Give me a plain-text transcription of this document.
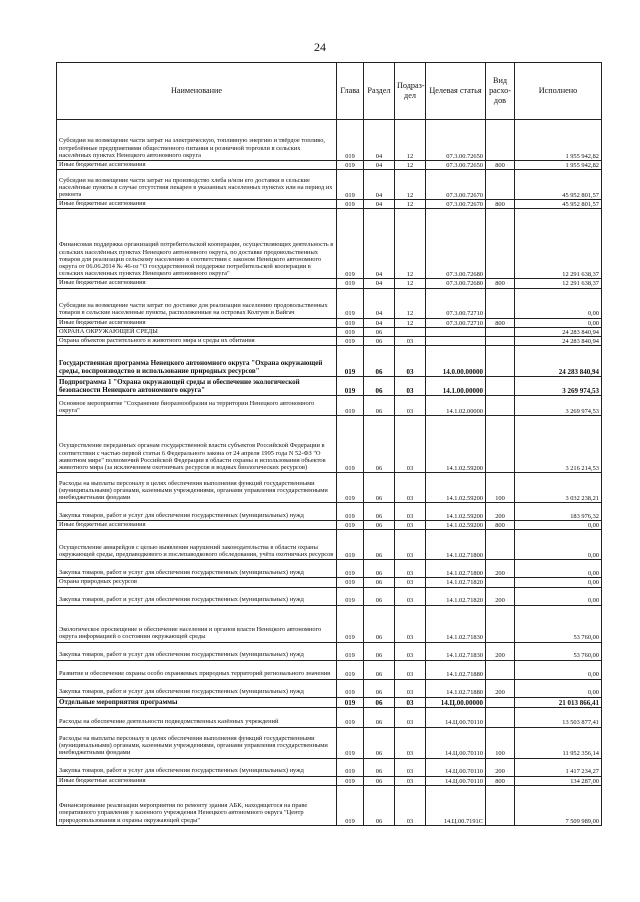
24
Наименование	Глава	Раздел	Подраз-дел	Целевая статья	Вид расхо-дов	Исполнено

Субсидии на возмещение части затрат на электрическую, топливную энергию и твёрдое топливо, потреблённые предприятиями общественного питания и розничной торговли в сельских населённых пунктах Ненецкого автономного округа	019	04	12	07.3.00.72650		1 955 942,82

Иные бюджетные ассигнования	019	04	12	07.3.00.72650	800	1 955 942,82

Субсидии на возмещение части затрат на производство хлеба и/или его доставки в сельские населённые пункты в случае отсутствия пекарен в указанных населенных пунктах или на период их ремонта	019	04	12	07.3.00.72670		45 952 801,57

Иные бюджетные ассигнования	019	04	12	07.3.00.72670	800	45 952 801,57

Финансовая поддержка организаций потребительской кооперации, осуществляющих деятельность в сельских населённых пунктах Ненецкого автономного округа, по доставке продовольственных товаров для реализации сельскому населению в соответствии с законом Ненецкого автономного округа от 06.06.2014 № 46-оз "О государственной поддержке потребительской кооперации в сельских населенных пунктах Ненецкого автономного округа"	019	04	12	07.3.00.72680		12 291 638,37

Иные бюджетные ассигнования	019	04	12	07.3.00.72680	800	12 291 638,37

Субсидии на возмещение части затрат по доставке для реализации населению продовольственных товаров в сельские населенные пункты, расположенные на островах Колгуев и Вайгач	019	04	12	07.3.00.72710		0,00

Иные бюджетные ассигнования	019	04	12	07.3.00.72710	800	0,00

ОХРАНА ОКРУЖАЮЩЕЙ СРЕДЫ	019	06				24 283 840,94

Охрана объектов растительного и животного мира и среды их обитания	019	06	03			24 283 840,94

Государственная программа Ненецкого автономного округа "Охрана окружающей среды, воспроизводство и использование природных ресурсов"	019	06	03	14.0.00.00000		24 283 840,94

Подпрограмма 1 "Охрана окружающей среды и обеспечение экологической безопасности Ненецкого автономного округа"	019	06	03	14.1.00.00000		3 269 974,53

Основное мероприятие "Сохранение биоразнообразия на территории Ненецкого автономного округа"	019	06	03	14.1.02.00000		3 269 974,53

Осуществление переданных органам государственной власти субъектов Российской Федерации в соответствии с частью первой статьи 6 Федерального закона от 24 апреля 1995 года N 52-ФЗ "О животном мире" полномочий Российской Федерации в области охраны и использования объектов животного мира (за исключением охотничьих ресурсов и водных биологических ресурсов)	019	06	03	14.1.02.59200		3 216 214,53

Расходы на выплаты персоналу в целях обеспечения выполнения функций государственными (муниципальными) органами, казенными учреждениями, органами управления государственными внебюджетными фондами	019	06	03	14.1.02.59200	100	3 032 238,21

Закупка товаров, работ и услуг для обеспечения государственных (муниципальных) нужд	019	06	03	14.1.02.59200	200	183 976,32

Иные бюджетные ассигнования	019	06	03	14.1.02.59200	800	0,00

Осуществление авиарейдов с целью выявления нарушений законодательства в области охраны окружающей среды, предпаводкового и послепаводкового обследования, учёта охотничьих ресурсов	019	06	03	14.1.02.71800		0,00

Закупка товаров, работ и услуг для обеспечения государственных (муниципальных) нужд	019	06	03	14.1.02.71800	200	0,00

Охрана природных ресурсов	019	06	03	14.1.02.71820		0,00

Закупка товаров, работ и услуг для обеспечения государственных (муниципальных) нужд	019	06	03	14.1.02.71820	200	0,00

Экологическое просвещение и обеспечение населения и органов власти Ненецкого автономного округа информацией о состоянии окружающей среды	019	06	03	14.1.02.71830		53 760,00

Закупка товаров, работ и услуг для обеспечения государственных (муниципальных) нужд	019	06	03	14.1.02.71830	200	53 760,00

Развитие и обеспечение охраны особо охраняемых природных территорий регионального значения	019	06	03	14.1.02.71880		0,00

Закупка товаров, работ и услуг для обеспечения государственных (муниципальных) нужд	019	06	03	14.1.02.71880	200	0,00

Отдельные мероприятия программы	019	06	03	14.Ц.00.00000		21 013 866,41

Расходы на обеспечение деятельности подведомственных казённых учреждений	019	06	03	14.Ц.00.70110		13 503 877,41

Расходы на выплаты персоналу в целях обеспечения выполнения функций государственными (муниципальными) органами, казенными учреждениями, органами управления государственными внебюджетными фондами	019	06	03	14.Ц.00.70110	100	11 952 356,14

Закупка товаров, работ и услуг для обеспечения государственных (муниципальных) нужд	019	06	03	14.Ц.00.70110	200	1 417 234,27

Иные бюджетные ассигнования	019	06	03	14.Ц.00.70110	800	134 287,00

Финансирование реализации мероприятия по ремонту здания АБК, находящегося на праве оперативного управления у казенного учреждения Ненецкого автономного округа "Центр природопользования и охраны окружающей среды"	019	06	03	14.Ц.00.7191С		7 509 989,00
